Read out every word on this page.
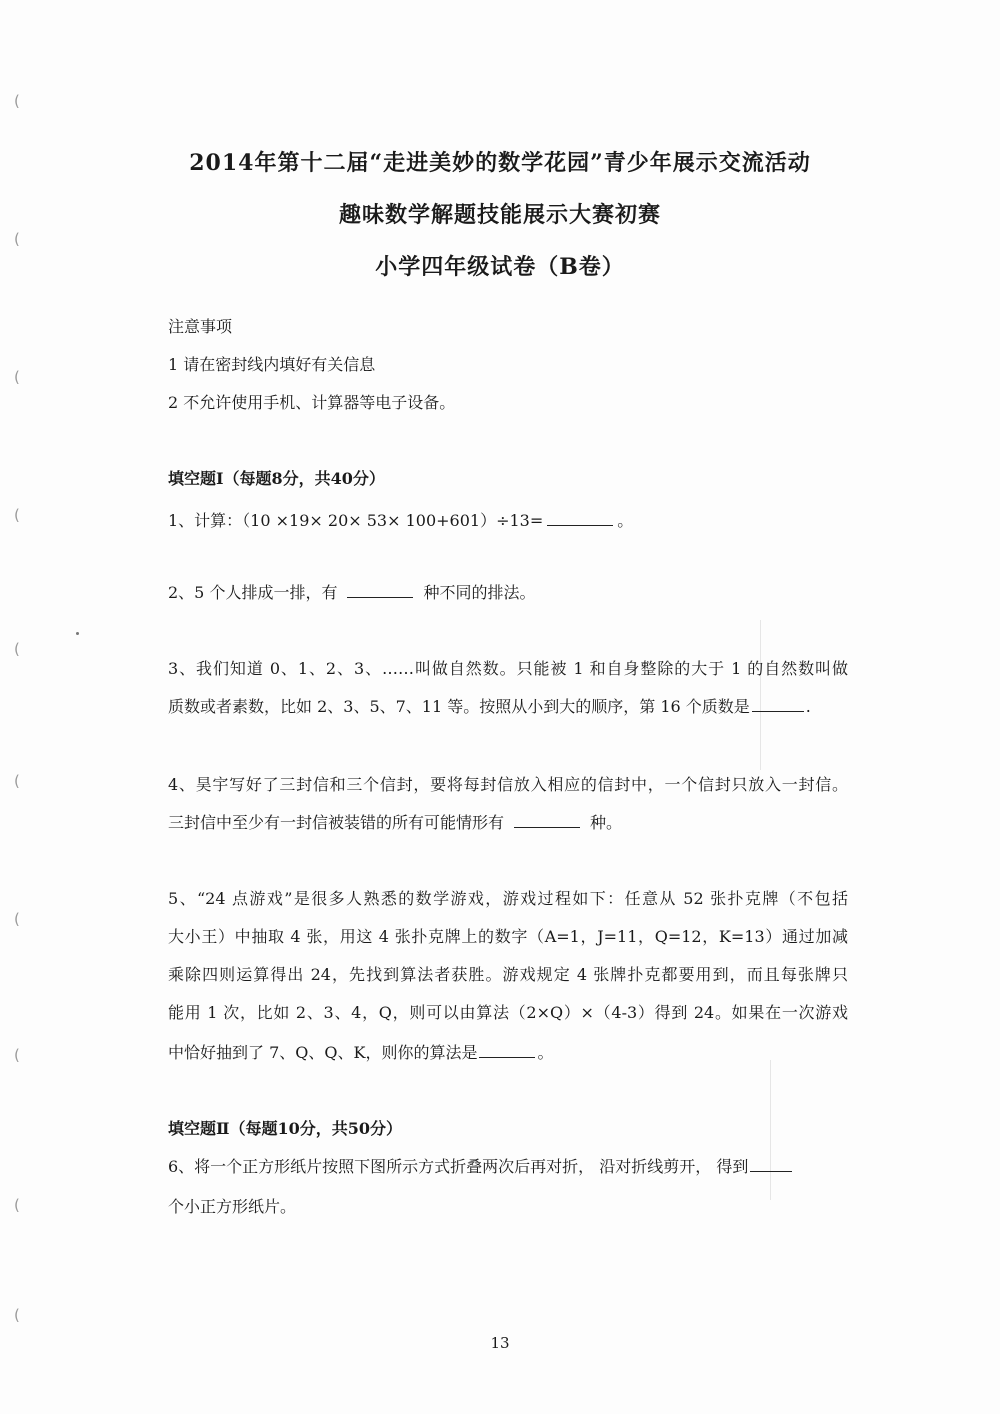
(
(
(
(
(
(
(
(
(
(
2014年第十二届“走进美妙的数学花园”青少年展示交流活动
趣味数学解题技能展示大赛初赛
小学四年级试卷（B卷）
注意事项
1 请在密封线内填好有关信息
2 不允许使用手机、计算器等电子设备。
填空题Ⅰ（每题8分，共40分）
1、计算：（10 ×19× 20× 53× 100+601）÷13=	。
2、5 个人排成一排，有	种不同的排法。
3、我们知道 0、1、2、3、……叫做自然数。只能被 1 和自身整除的大于 1 的自然数叫做
质数或者素数，比如 2、3、5、7、11 等。按照从小到大的顺序，第 16 个质数是	.
4、昊宇写好了三封信和三个信封，要将每封信放入相应的信封中，一个信封只放入一封信。
三封信中至少有一封信被装错的所有可能情形有	种。
5、“24 点游戏”是很多人熟悉的数学游戏，游戏过程如下：任意从 52 张扑克牌（不包括
大小王）中抽取 4 张，用这 4 张扑克牌上的数字（A=1，J=11，Q=12，K=13）通过加减
乘除四则运算得出 24，先找到算法者获胜。游戏规定 4 张牌扑克都要用到，而且每张牌只
能用 1 次，比如 2、3、4，Q，则可以由算法（2×Q）×（4-3）得到 24。如果在一次游戏
中恰好抽到了 7、Q、Q、K，则你的算法是	。
填空题Ⅱ（每题10分，共50分）
6、将一个正方形纸片按照下图所示方式折叠两次后再对折， 沿对折线剪开， 得到
个小正方形纸片。
13
